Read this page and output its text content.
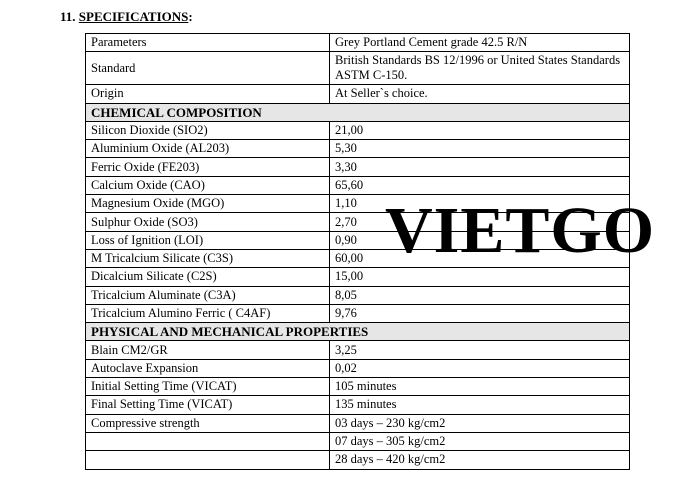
11. SPECIFICATIONS:
Parameters	Grey Portland Cement grade 42.5 R/N
Standard	British Standards BS 12/1996 or United States Standards ASTM C-150.
Origin	At Seller`s choice.
CHEMICAL COMPOSITION	
Silicon Dioxide (SIO2)	21,00
Aluminium Oxide (AL203)	5,30
Ferric Oxide (FE203)	3,30
Calcium Oxide (CAO)	65,60
Magnesium Oxide (MGO)	1,10
Sulphur Oxide (SO3)	2,70
Loss of Ignition (LOI)	0,90
M Tricalcium Silicate (C3S)	60,00
Dicalcium Silicate (C2S)	15,00
Tricalcium Aluminate (C3A)	8,05
Tricalcium Alumino Ferric ( C4AF)	9,76
PHYSICAL AND MECHANICAL PROPERTIES	
Blain CM2/GR	3,25
Autoclave Expansion	0,02
Initial Setting Time (VICAT)	105 minutes
Final Setting Time (VICAT)	135 minutes
Compressive strength	03 days – 230 kg/cm2
	07 days – 305 kg/cm2
	28 days – 420 kg/cm2
VIETGO
